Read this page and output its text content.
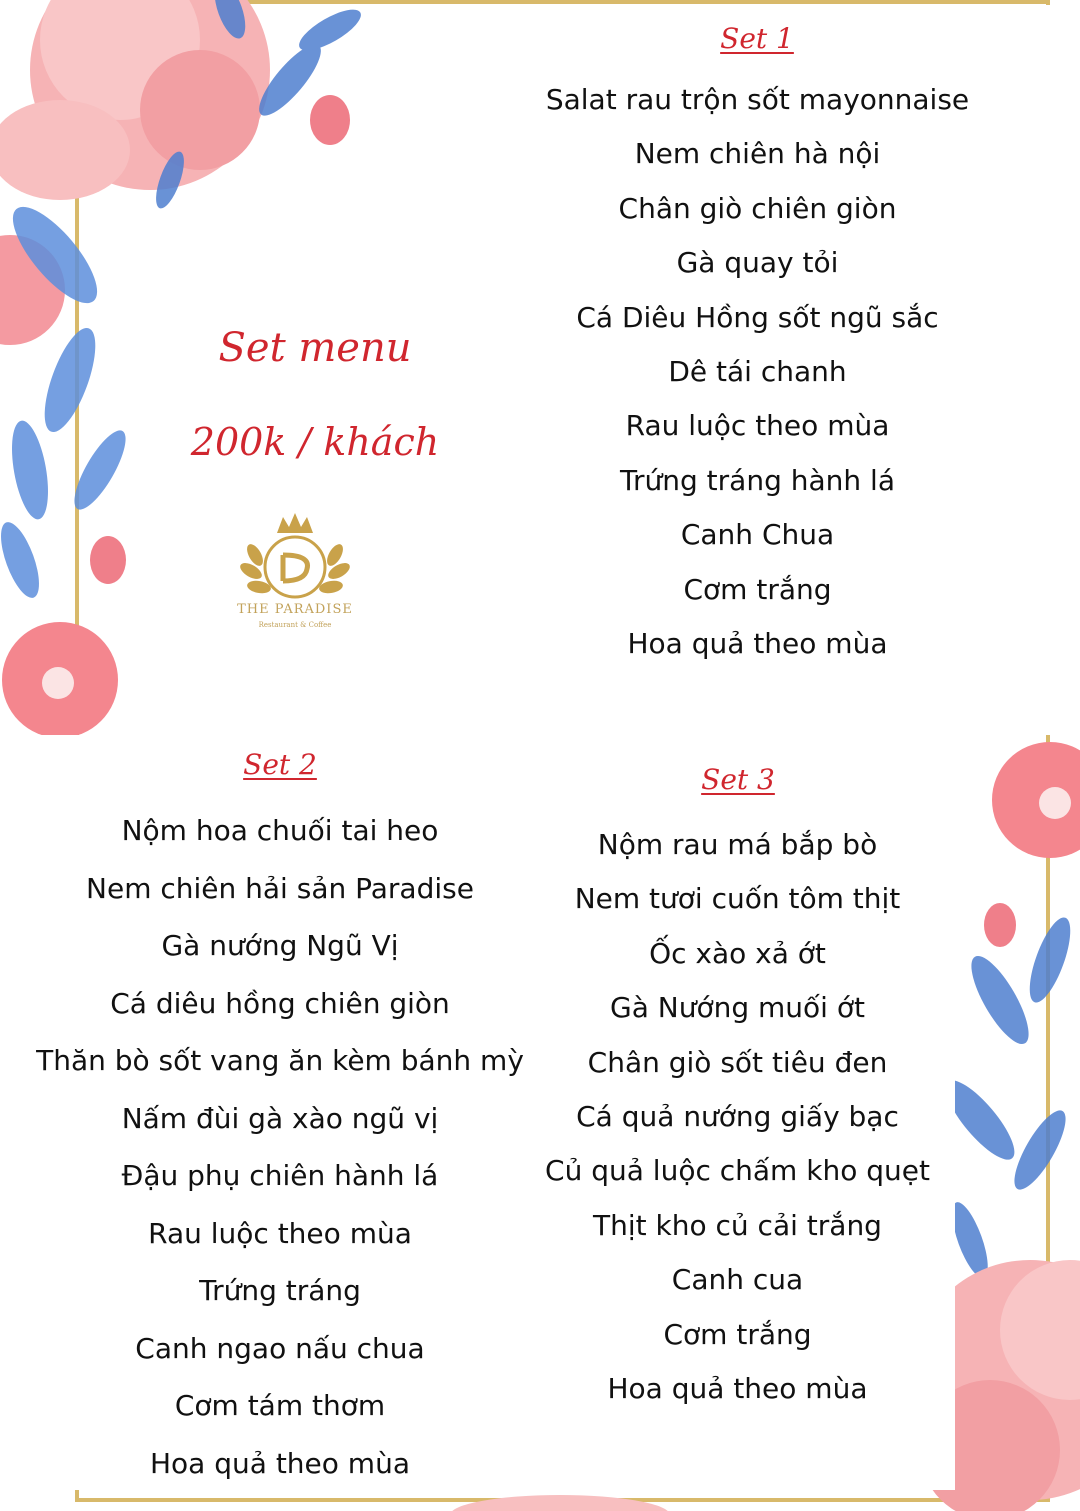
Set menu
200k / khách
THE PARADISE
Restaurant & Coffee
Set 1
Salat rau trộn sốt mayonnaise
Nem chiên hà nội
Chân giò chiên giòn
Gà quay tỏi
Cá Diêu Hồng sốt ngũ sắc
Dê tái chanh
Rau luộc theo mùa
Trứng tráng hành lá
Canh Chua
Cơm trắng
Hoa quả theo mùa
Set 2
Nộm hoa chuối tai heo
Nem chiên hải sản Paradise
Gà nướng Ngũ Vị
Cá diêu hồng chiên giòn
Thăn bò sốt vang ăn kèm bánh mỳ
Nấm đùi gà xào ngũ vị
Đậu phụ chiên hành lá
Rau luộc theo mùa
Trứng tráng
Canh ngao nấu chua
Cơm tám thơm
Hoa quả theo mùa
Set 3
Nộm rau má bắp bò
Nem tươi cuốn tôm thịt
Ốc xào xả ớt
Gà Nướng muối ớt
Chân giò sốt tiêu đen
Cá quả nướng giấy bạc
Củ quả luộc chấm kho quẹt
Thịt kho củ cải trắng
Canh cua
Cơm trắng
Hoa quả theo mùa
